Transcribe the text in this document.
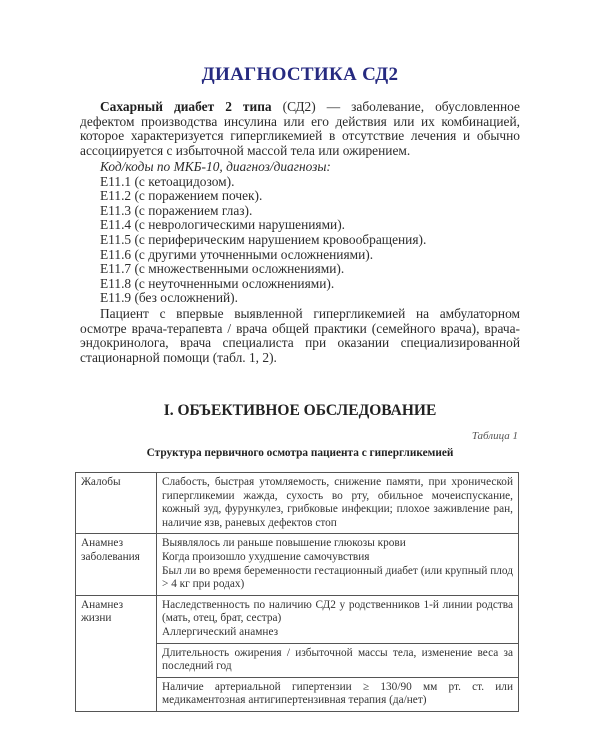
ДИАГНОСТИКА СД2
Сахарный диабет 2 типа (СД2) — заболевание, обусловленное дефектом производства инсулина или его действия или их комбинацией, которое характеризуется гипергликемией в отсутствие лечения и обычно ассоциируется с избыточной массой тела или ожирением.
Код/коды по МКБ-10, диагноз/диагнозы:
E11.1 (с кетоацидозом).
E11.2 (с поражением почек).
E11.3 (с поражением глаз).
E11.4 (с неврологическими нарушениями).
E11.5 (с периферическим нарушением кровообращения).
E11.6 (с другими уточненными осложнениями).
E11.7 (с множественными осложнениями).
E11.8 (с неуточненными осложнениями).
E11.9 (без осложнений).
Пациент с впервые выявленной гипергликемией на амбулаторном осмотре врача-терапевта / врача общей практики (семейного врача), врача-эндокринолога, врача специалиста при оказании специализированной стационарной помощи (табл. 1, 2).
I. ОБЪЕКТИВНОЕ ОБСЛЕДОВАНИЕ
Таблица 1
Структура первичного осмотра пациента с гипергликемией
Жалобы	Слабость, быстрая утомляемость, снижение памяти, при хронической гипергликемии жажда, сухость во рту, обильное мочеиспускание, кожный зуд, фурункулез, грибковые инфекции; плохое заживление ран, наличие язв, раневых дефектов стоп
Анамнез заболевания	Выявлялось ли раньше повышение глюкозы крови
Когда произошло ухудшение самочувствия
Был ли во время беременности гестационный диабет (или крупный плод > 4 кг при родах)

Анамнез жизни	Наследственность по наличию СД2 у родственников 1-й линии родства (мать, отец, брат, сестра)
Аллергический анамнез

	Длительность ожирения / избыточной массы тела, изменение веса за последний год
	Наличие артериальной гипертензии ≥ 130/90 мм рт. ст. или медикаментозная антигипертензивная терапия (да/нет)
